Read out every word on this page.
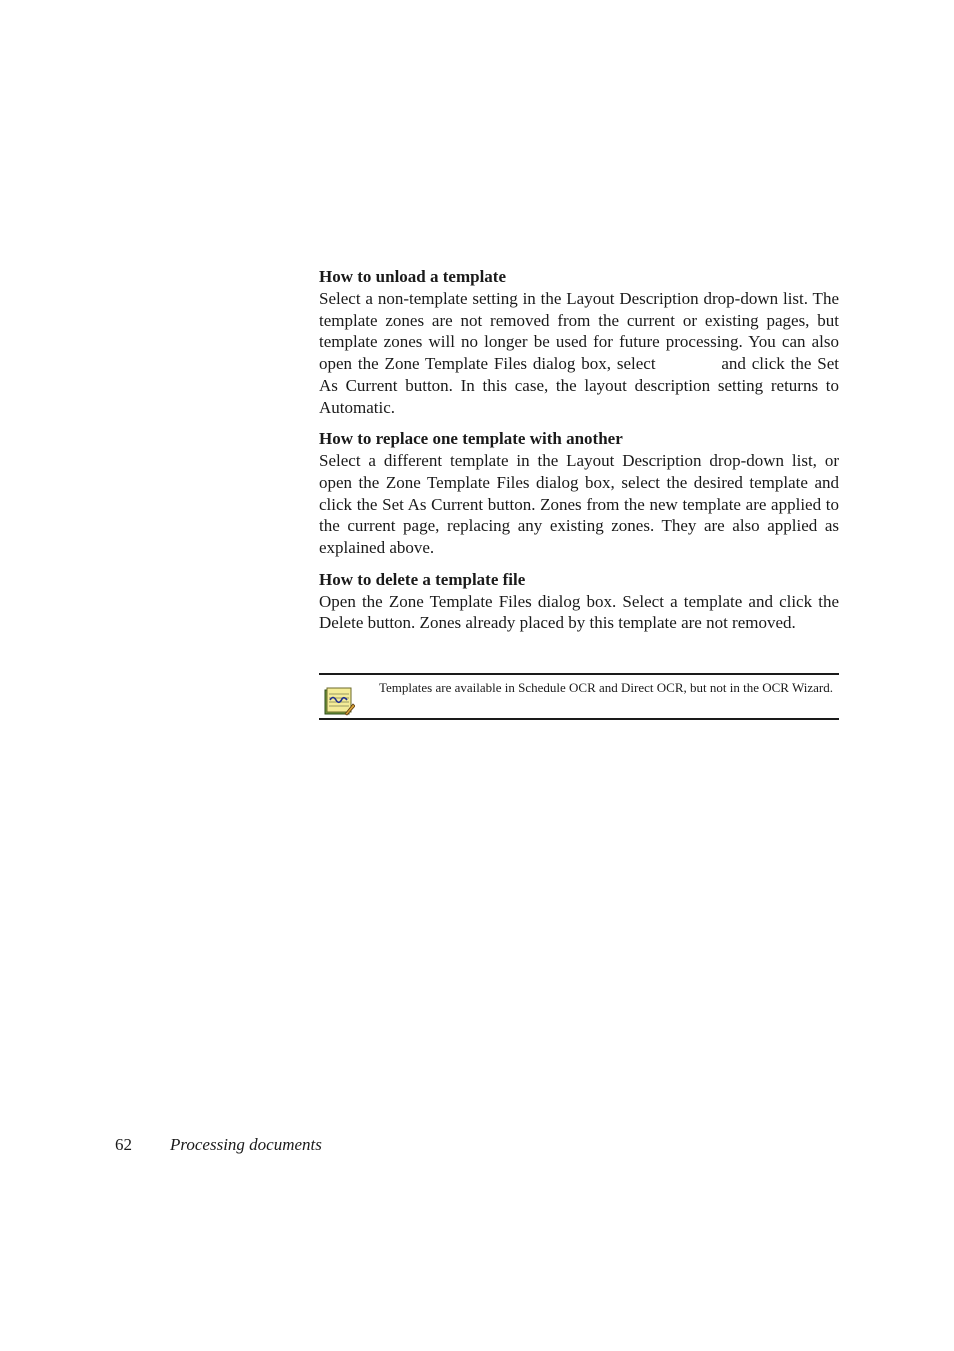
How to unload a template

Select a non-template setting in the Layout Description drop-down list. The template zones are not removed from the current or existing pages, but template zones will no longer be used for future processing. You can also open the Zone Template Files dialog box, select	and click the Set As Current button. In this case, the layout description setting returns to Automatic.

How to replace one template with another

Select a different template in the Layout Description drop-down list, or open the Zone Template Files dialog box, select the desired template and click the Set As Current button. Zones from the new template are applied to the current page, replacing any existing zones. They are also applied as explained above.

How to delete a template file

Open the Zone Template Files dialog box. Select a template and click the Delete button. Zones already placed by this template are not removed.

Templates are available in Schedule OCR and Direct OCR, but not in the OCR Wizard.
62 Processing documents
